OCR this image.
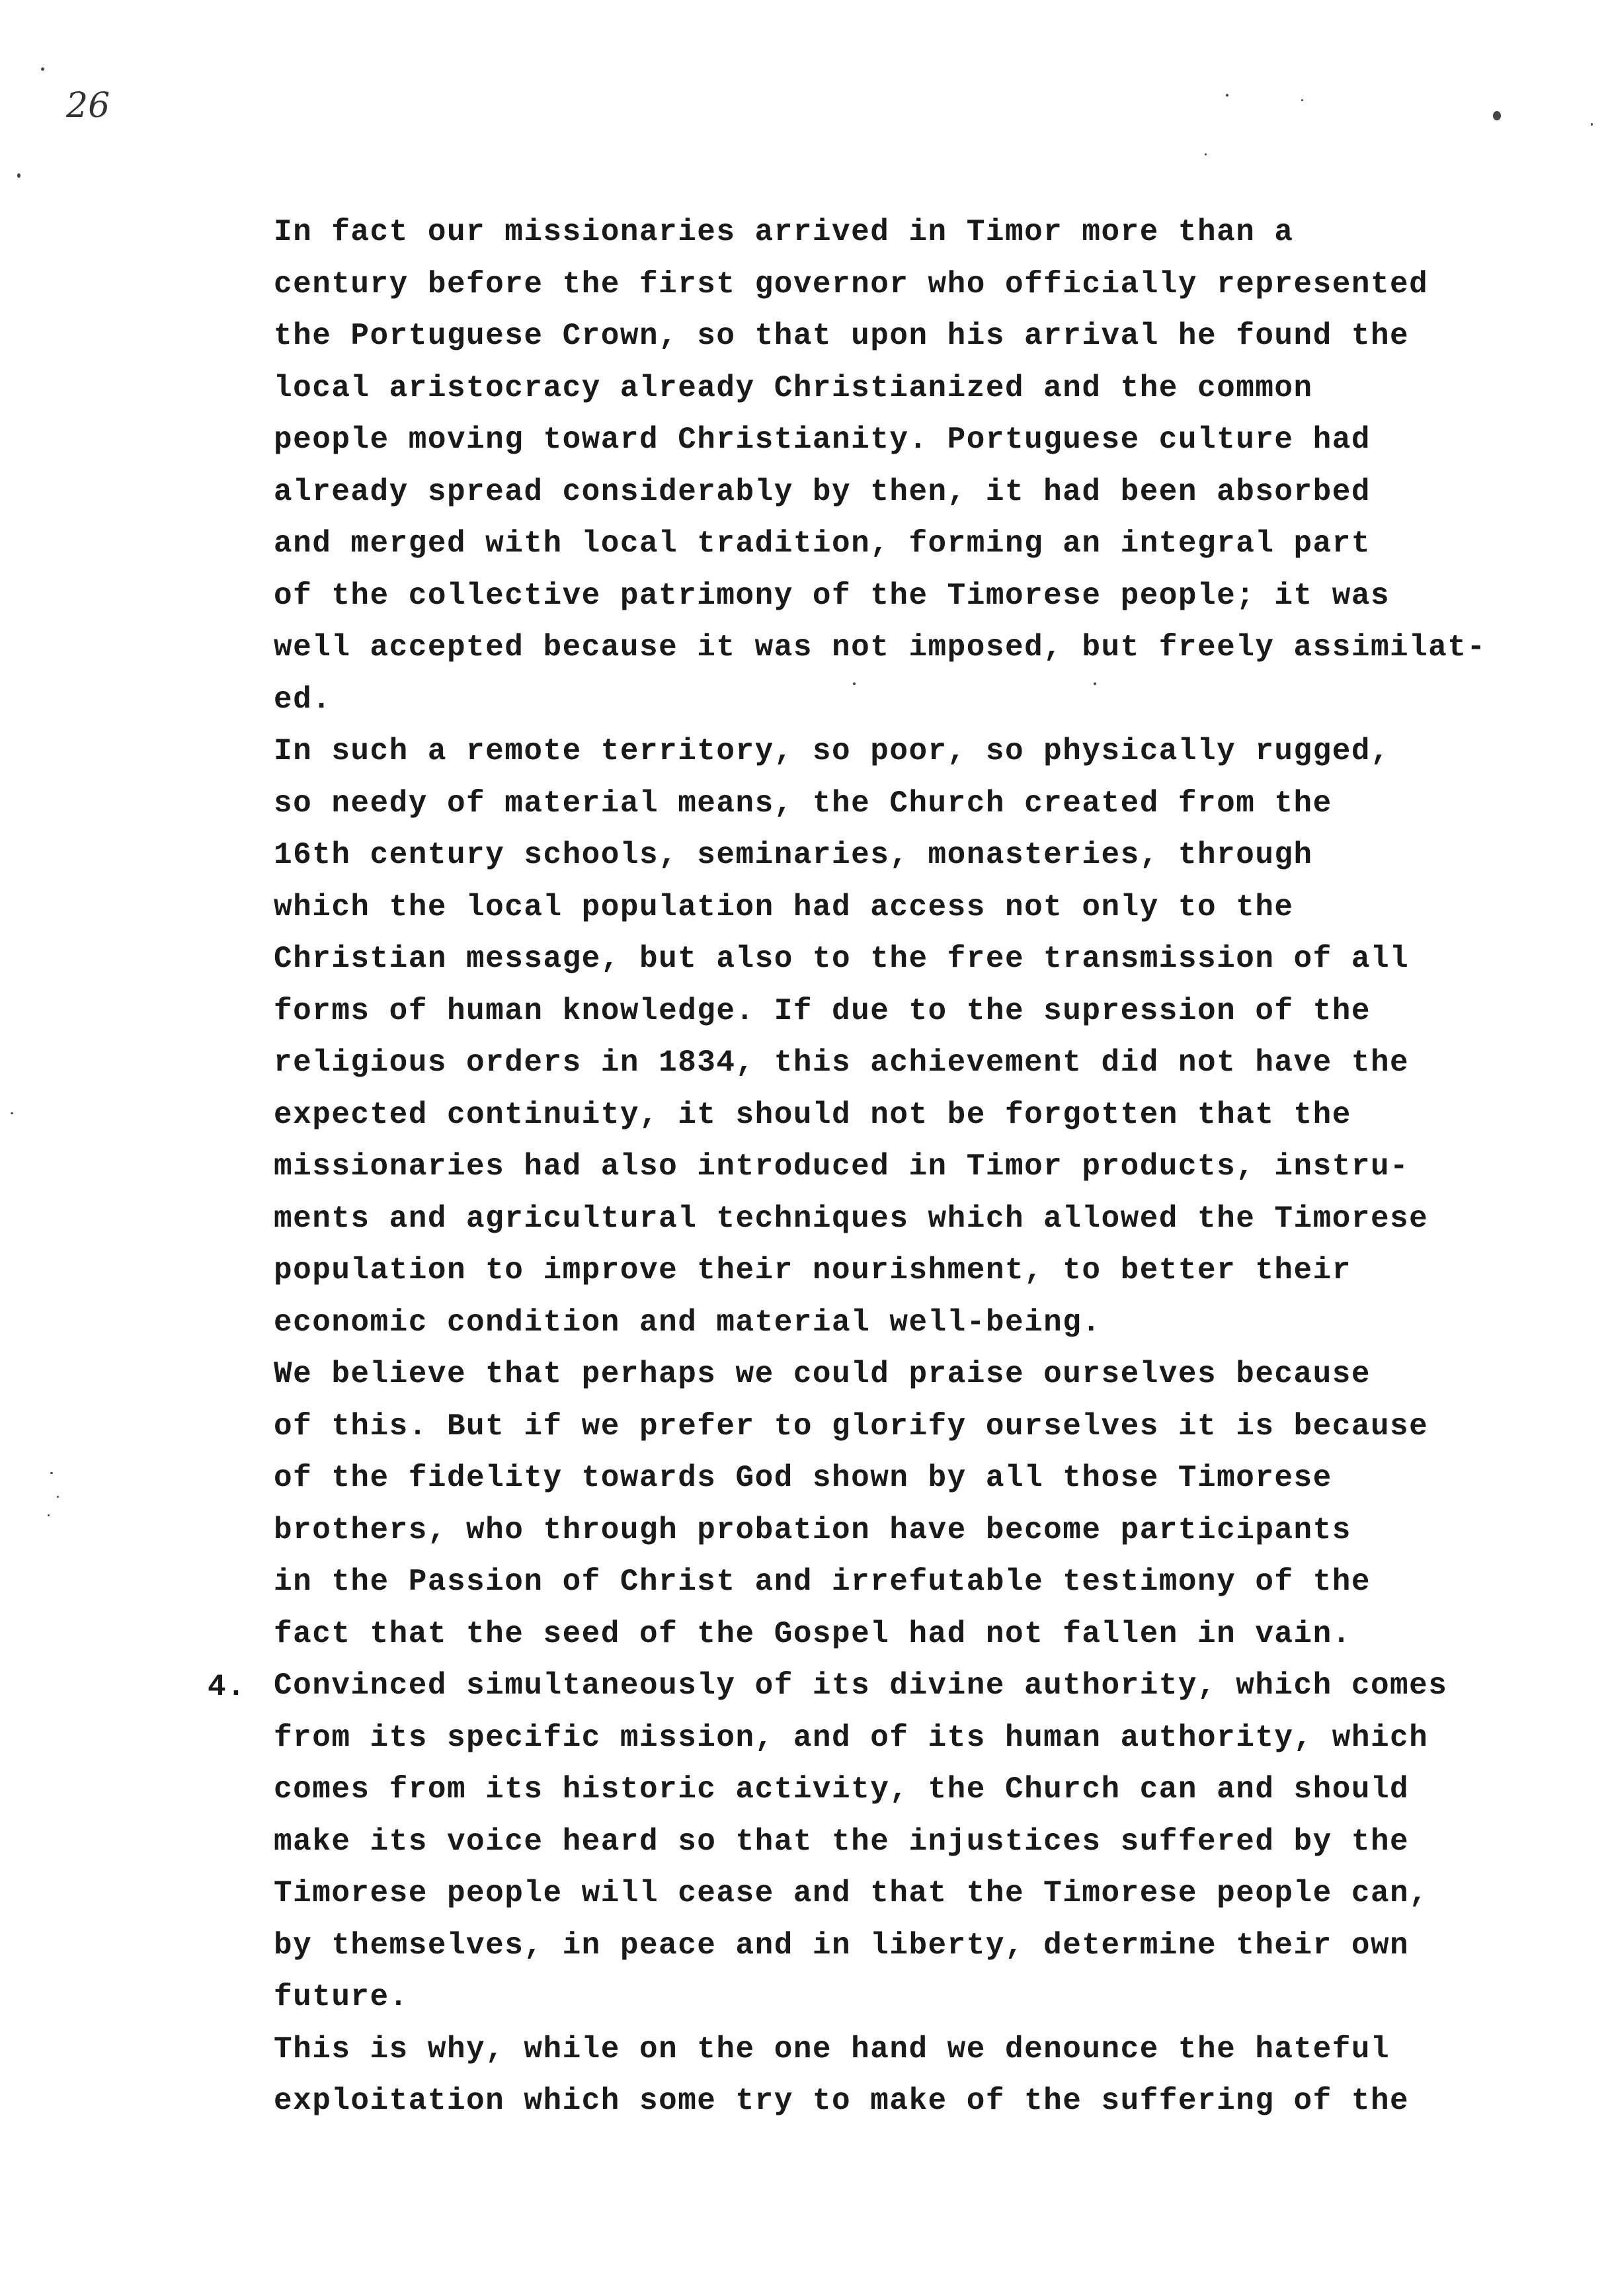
26
In fact our missionaries arrived in Timor more than a
century before the first governor who officially represented
the Portuguese Crown, so that upon his arrival he found the
local aristocracy already Christianized and the common
people moving toward Christianity. Portuguese culture had
already spread considerably by then, it had been absorbed
and merged with local tradition, forming an integral part
of the collective patrimony of the Timorese people; it was
well accepted because it was not imposed, but freely assimilat-
ed.
In such a remote territory, so poor, so physically rugged,
so needy of material means, the Church created from the
16th century schools, seminaries, monasteries, through
which the local population had access not only to the
Christian message, but also to the free transmission of all
forms of human knowledge. If due to the supression of the
religious orders in 1834, this achievement did not have the
expected continuity, it should not be forgotten that the
missionaries had also introduced in Timor products, instru-
ments and agricultural techniques which allowed the Timorese
population to improve their nourishment, to better their
economic condition and material well-being.
We believe that perhaps we could praise ourselves because
of this. But if we prefer to glorify ourselves it is because
of the fidelity towards God shown by all those Timorese
brothers, who through probation have become participants
in the Passion of Christ and irrefutable testimony of the
fact that the seed of the Gospel had not fallen in vain.
Convinced simultaneously of its divine authority, which comes
from its specific mission, and of its human authority, which
comes from its historic activity, the Church can and should
make its voice heard so that the injustices suffered by the
Timorese people will cease and that the Timorese people can,
by themselves, in peace and in liberty, determine their own
future.
This is why, while on the one hand we denounce the hateful
exploitation which some try to make of the suffering of the
4.
